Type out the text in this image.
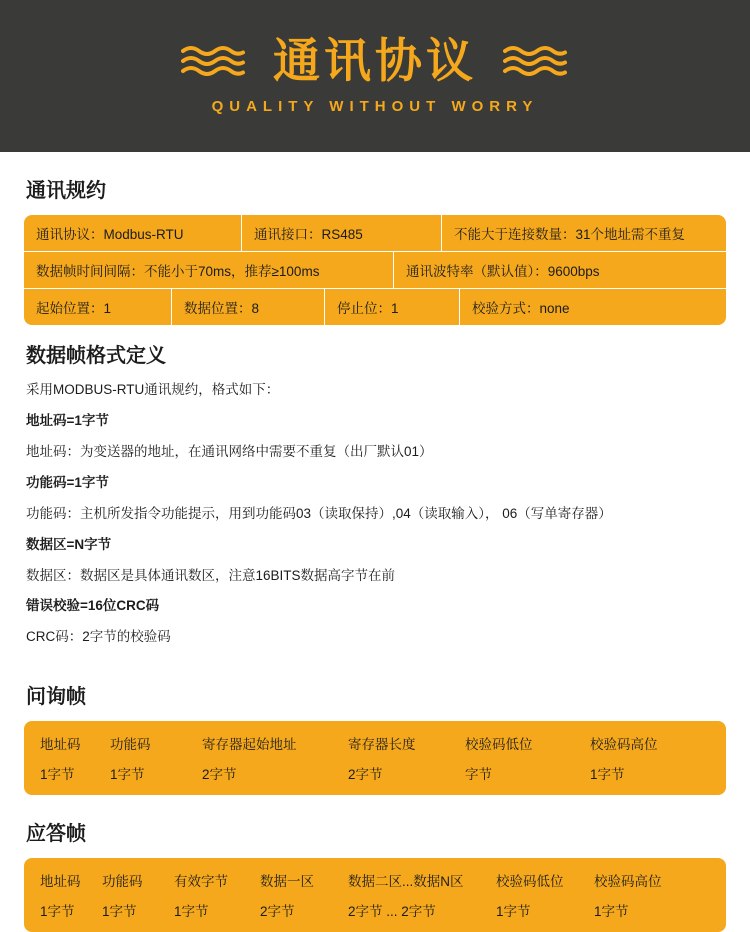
通讯协议
QUALITY WITHOUT WORRY
通讯规约
通讯协议：Modbus-RTU	通讯接口：RS485	不能大于连接数量：31个地址需不重复
数据帧时间间隔：不能小于70ms，推荐≥100ms	通讯波特率（默认值）：9600bps
起始位置：1	数据位置：8	停止位：1	校验方式：none
数据帧格式定义

采用MODBUS-RTU通讯规约，格式如下：

地址码=1字节

地址码：为变送器的地址，在通讯网络中需要不重复（出厂默认01）

功能码=1字节

功能码：主机所发指令功能提示，用到功能码03（读取保持）,04（读取输入）， 06（写单寄存器）

数据区=N字节

数据区：数据区是具体通讯数区，注意16BITS数据高字节在前

错误校验=16位CRC码

CRC码：2字节的校验码

问询帧
地址码	功能码	寄存器起始地址	寄存器长度	校验码低位	校验码高位
1字节	1字节	2字节	2字节	字节	1字节
应答帧
地址码	功能码	有效字节	数据一区	数据二区...数据N区	校验码低位	校验码高位
1字节	1字节	1字节	2字节	2字节 ... 2字节	1字节	1字节
